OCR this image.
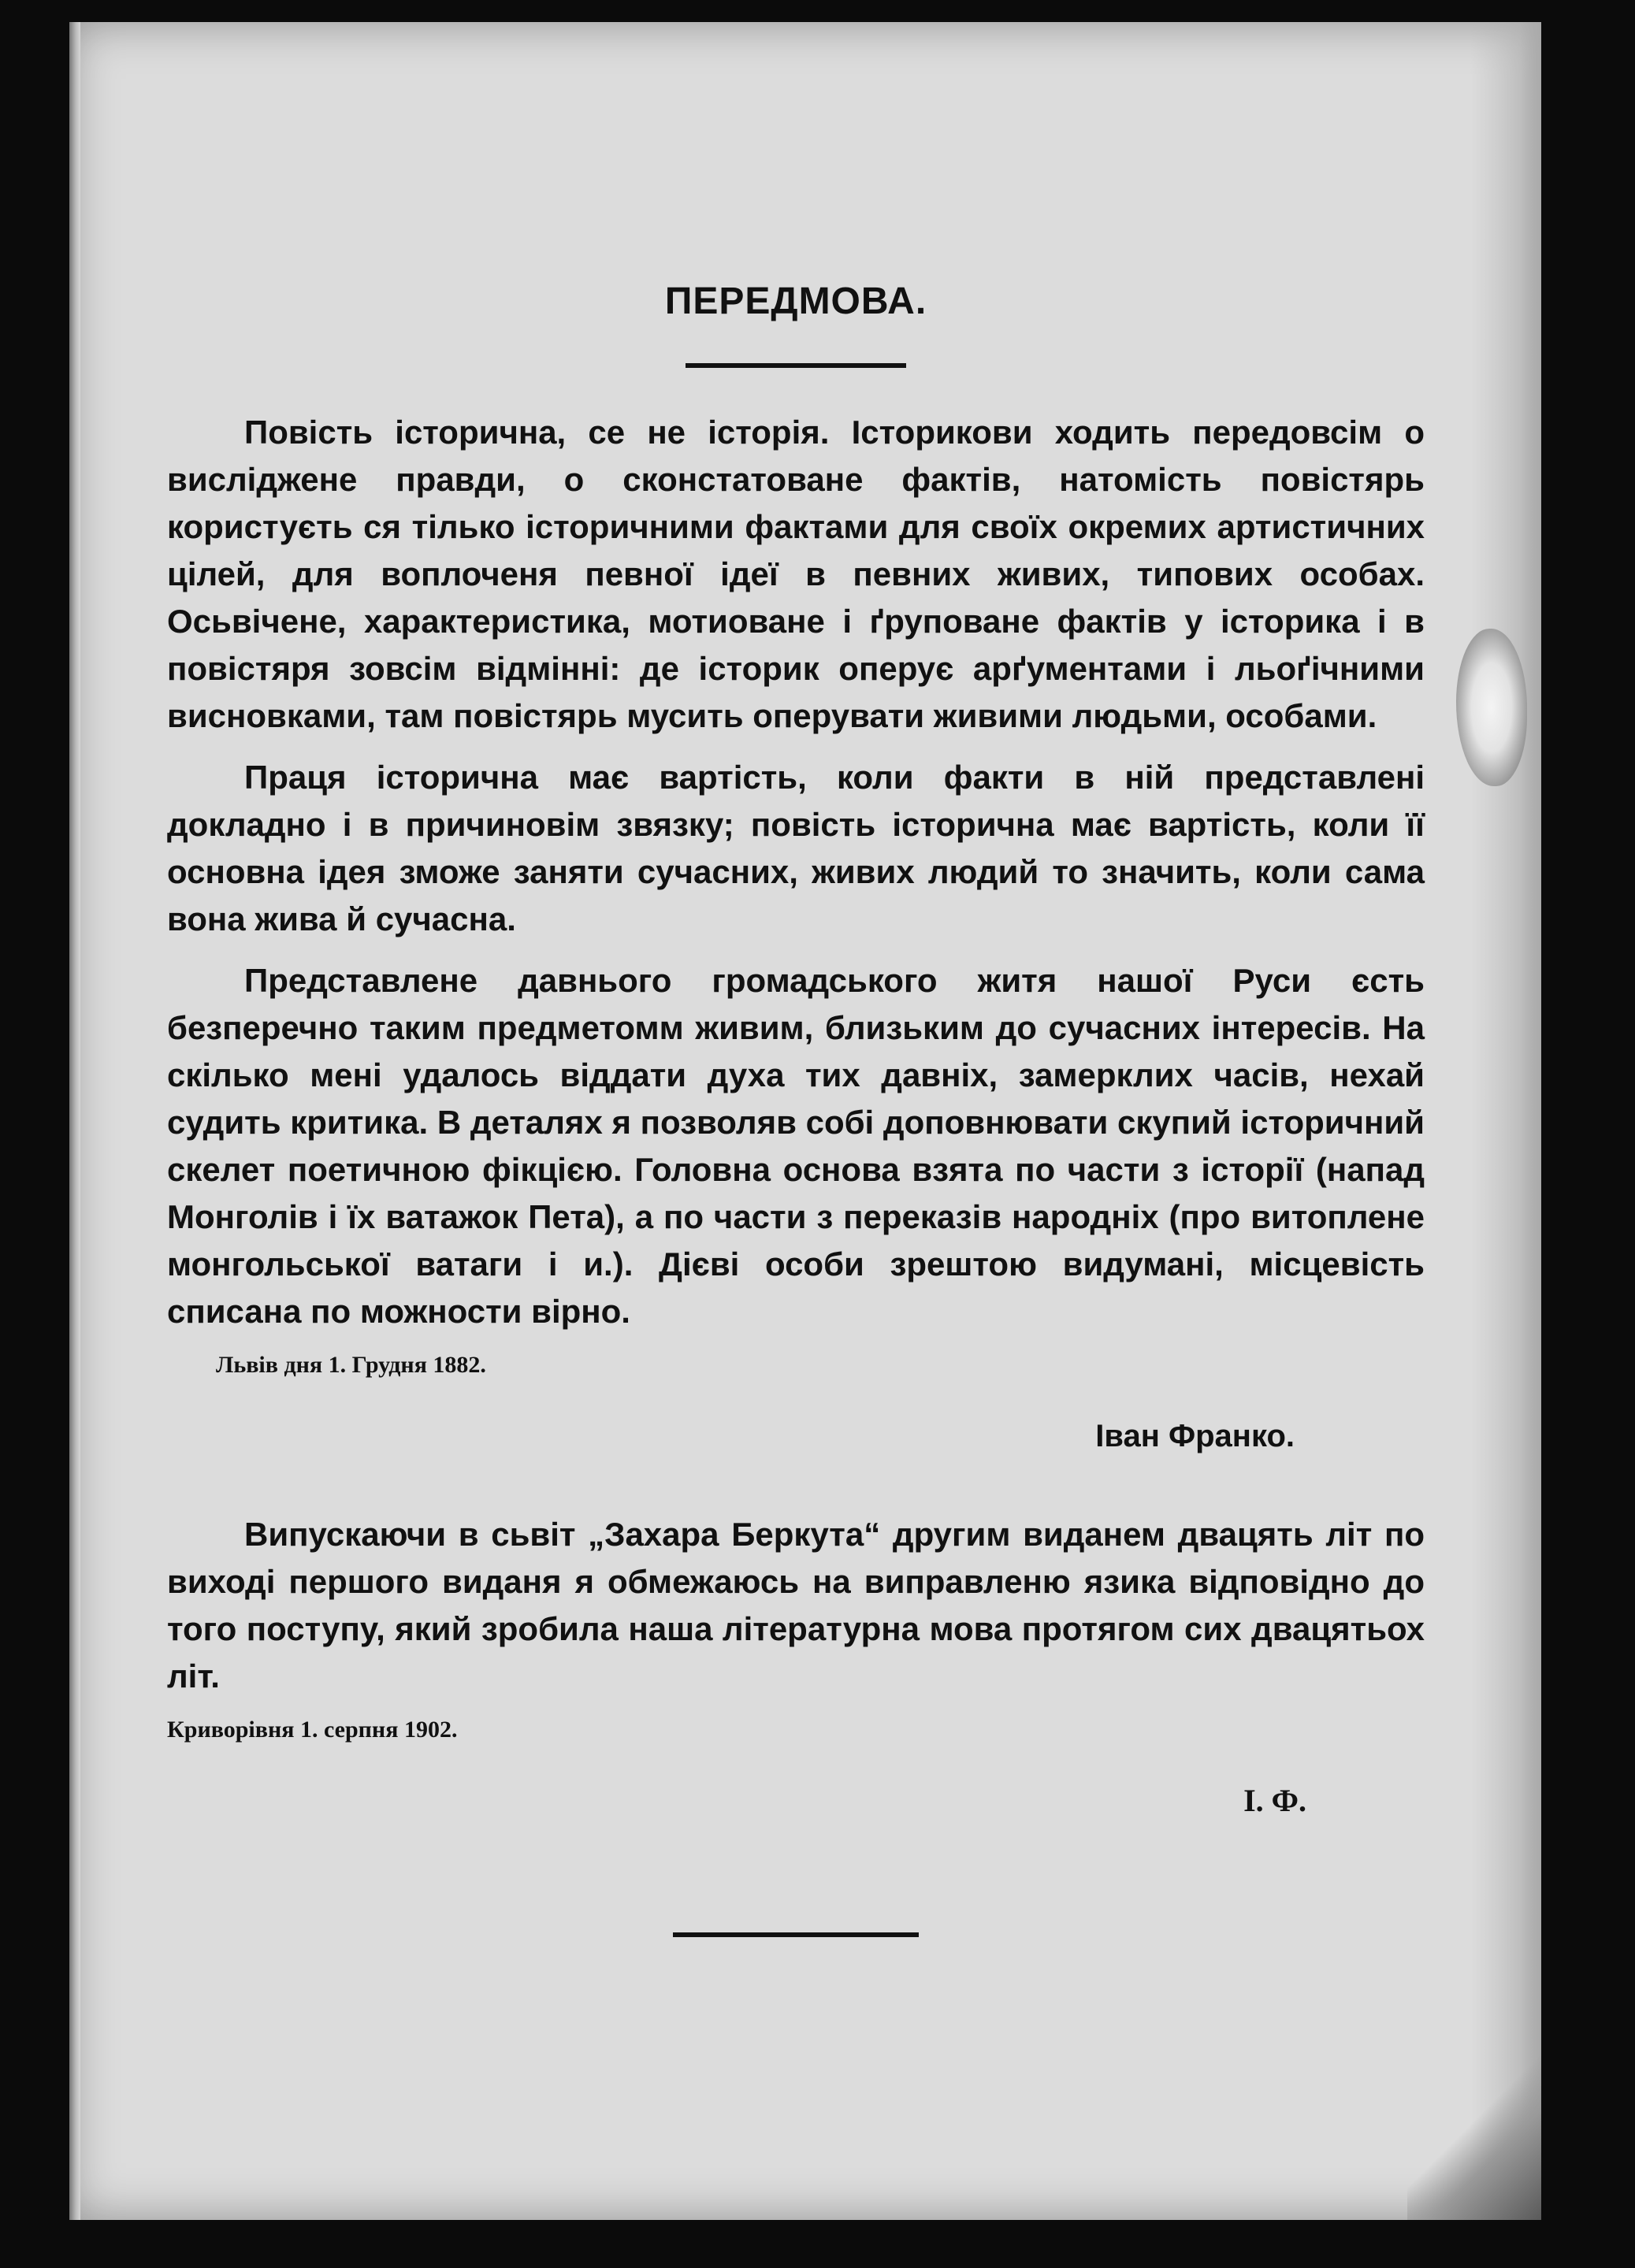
ПЕРЕДМОВА.

Повість історична, се не історія. Історикови ходить передовсім о висліджене правди, о сконстатоване фактів, натомість повістярь користуєть ся тілько історичними фактами для своїх окремих артистичних цілей, для воплоченя певної ідеї в певних живих, типових особах. Осьвічене, характеристика, мотиоване і ґруповане фактів у історика і в повістяря зовсім відмінні: де історик оперує арґументами і льоґічними висновками, там повістярь мусить оперувати живими людьми, особами.

Праця історична має вартість, коли факти в ній представлені докладно і в причиновім звязку; повість історична має вартість, коли її основна ідея зможе заняти сучасних, живих людий то значить, коли сама вона жива й сучасна.

Представлене давнього громадського житя нашої Руси єсть безперечно таким предметомм живим, близьким до сучасних інтересів. На скілько мені удалось віддати духа тих давніх, замерклих часів, нехай судить критика. В деталях я позволяв собі доповнювати скупий історичний скелет поетичною фікцією. Головна основа взята по части з історії (напад Монголів і їх ватажок Пета), а по части з переказів народніх (про витоплене монгольської ватаги і и.). Дієві особи зрештою видумані, місцевість списана по можности вірно.

Львів дня 1. Грудня 1882.
Іван Франко.

Випускаючи в сьвіт „Захара Беркута“ другим виданем двацять літ по виході першого виданя я обмежаюсь на виправленю язика відповідно до того поступу, який зробила наша літературна мова протягом сих двацятьох літ.

Криворівня 1. серпня 1902.
І. Ф.
